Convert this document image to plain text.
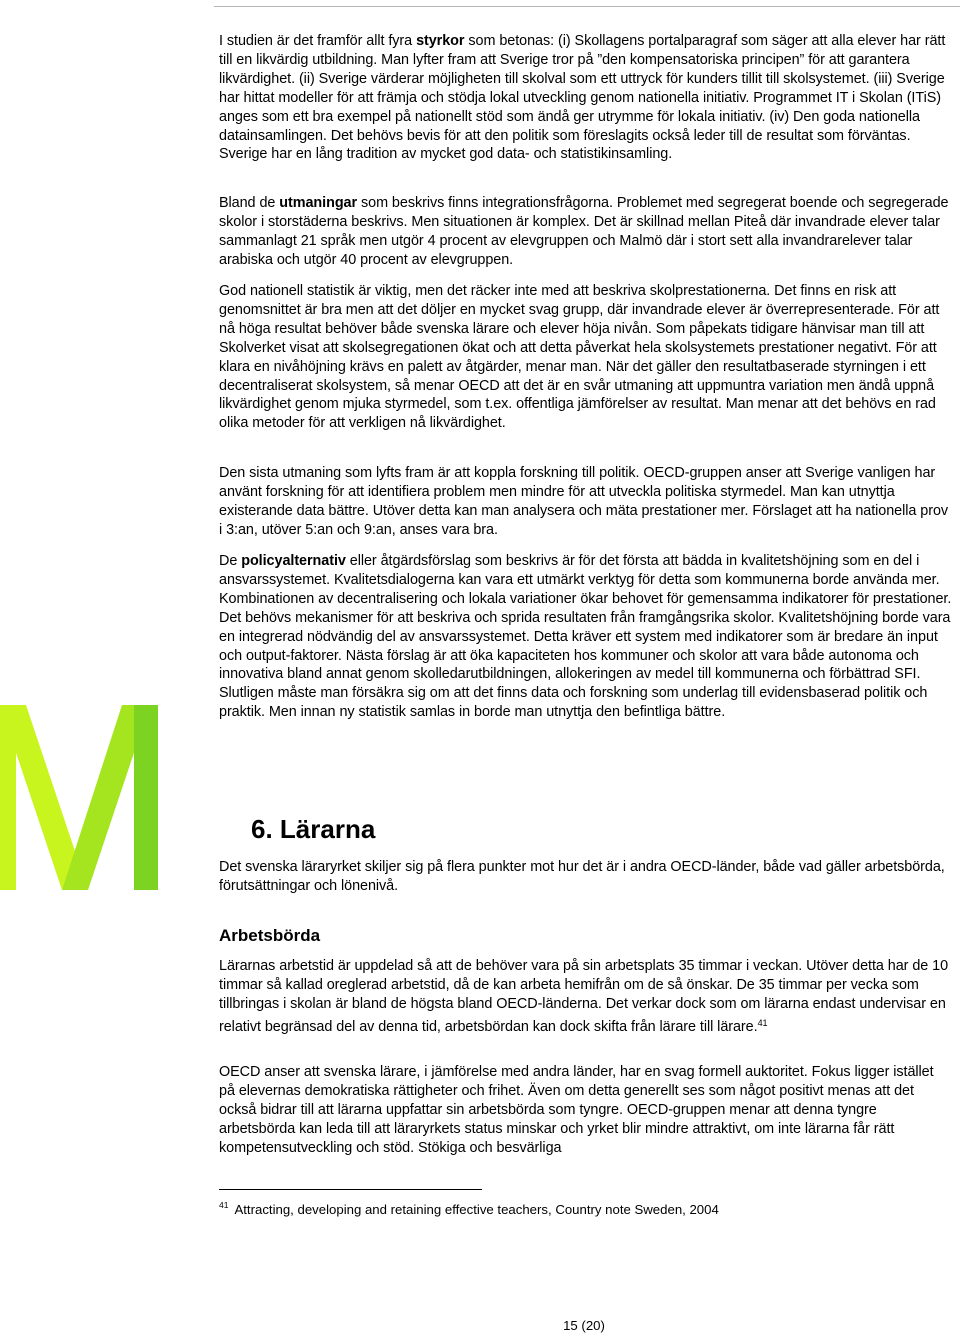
I studien är det framför allt fyra styrkor som betonas: (i) Skollagens portalparagraf som säger att alla elever har rätt till en likvärdig utbildning. Man lyfter fram att Sverige tror på ”den kompensatoriska principen” för att garantera likvärdighet. (ii) Sverige värderar möjligheten till skolval som ett uttryck för kunders tillit till skolsystemet. (iii) Sverige har hittat modeller för att främja och stödja lokal utveckling genom nationella initiativ. Programmet IT i Skolan (ITiS) anges som ett bra exempel på nationellt stöd som ändå ger utrymme för lokala initiativ. (iv) Den goda nationella datainsamlingen. Det behövs bevis för att den politik som föreslagits också leder till de resultat som förväntas. Sverige har en lång tradition av mycket god data- och statistikinsamling.

Bland de utmaningar som beskrivs finns integrationsfrågorna. Problemet med segregerat boende och segregerade skolor i storstäderna beskrivs. Men situationen är komplex. Det är skillnad mellan Piteå där invandrade elever talar sammanlagt 21 språk men utgör 4 procent av elevgruppen och Malmö där i stort sett alla invandrarelever talar arabiska och utgör 40 procent av elevgruppen.

God nationell statistik är viktig, men det räcker inte med att beskriva skolprestationerna. Det finns en risk att genomsnittet är bra men att det döljer en mycket svag grupp, där invandrade elever är överrepresenterade. För att nå höga resultat behöver både svenska lärare och elever höja nivån. Som påpekats tidigare hänvisar man till att Skolverket visat att skolsegregationen ökat och att detta påverkat hela skolsystemets prestationer negativt. För att klara en nivåhöjning krävs en palett av åtgärder, menar man. När det gäller den resultatbaserade styrningen i ett decentraliserat skolsystem, så menar OECD att det är en svår utmaning att uppmuntra variation men ändå uppnå likvärdighet genom mjuka styrmedel, som t.ex. offentliga jämförelser av resultat. Man menar att det behövs en rad olika metoder för att verkligen nå likvärdighet.

Den sista utmaning som lyfts fram är att koppla forskning till politik. OECD-gruppen anser att Sverige vanligen har använt forskning för att identifiera problem men mindre för att utveckla politiska styrmedel. Man kan utnyttja existerande data bättre. Utöver detta kan man analysera och mäta prestationer mer. Förslaget att ha nationella prov i 3:an, utöver 5:an och 9:an, anses vara bra.

De policyalternativ eller åtgärdsförslag som beskrivs är för det första att bädda in kvalitetshöjning som en del i ansvarssystemet. Kvalitetsdialogerna kan vara ett utmärkt verktyg för detta som kommunerna borde använda mer. Kombinationen av decentralisering och lokala variationer ökar behovet för gemensamma indikatorer för prestationer. Det behövs mekanismer för att beskriva och sprida resultaten från framgångsrika skolor. Kvalitetshöjning borde vara en integrerad nödvändig del av ansvarssystemet. Detta kräver ett system med indikatorer som är bredare än input och output-faktorer. Nästa förslag är att öka kapaciteten hos kommuner och skolor att vara både autonoma och innovativa bland annat genom skolledarutbildningen, allokeringen av medel till kommunerna och förbättrad SFI. Slutligen måste man försäkra sig om att det finns data och forskning som underlag till evidensbaserad politik och praktik. Men innan ny statistik samlas in borde man utnyttja den befintliga bättre.

6. Lärarna

Det svenska läraryrket skiljer sig på flera punkter mot hur det är i andra OECD-länder, både vad gäller arbetsbörda, förutsättningar och lönenivå.

Arbetsbörda

Lärarnas arbetstid är uppdelad så att de behöver vara på sin arbetsplats 35 timmar i veckan. Utöver detta har de 10 timmar så kallad oreglerad arbetstid, då de kan arbeta hemifrån om de så önskar. De 35 timmar per vecka som tillbringas i skolan är bland de högsta bland OECD-länderna. Det verkar dock som om lärarna endast undervisar en relativt begränsad del av denna tid, arbetsbördan kan dock skifta från lärare till lärare.$^{41}$

OECD anser att svenska lärare, i jämförelse med andra länder, har en svag formell auktoritet. Fokus ligger istället på elevernas demokratiska rättigheter och frihet. Även om detta generellt ses som något positivt menas att det också bidrar till att lärarna uppfattar sin arbetsbörda som tyngre. OECD-gruppen menar att denna tyngre arbetsbörda kan leda till att läraryrkets status minskar och yrket blir mindre attraktivt, om inte lärarna får rätt kompetensutveckling och stöd. Stökiga och besvärliga

$^{41}$ Attracting, developing and retaining effective teachers, Country note Sweden, 2004

15 (20)
